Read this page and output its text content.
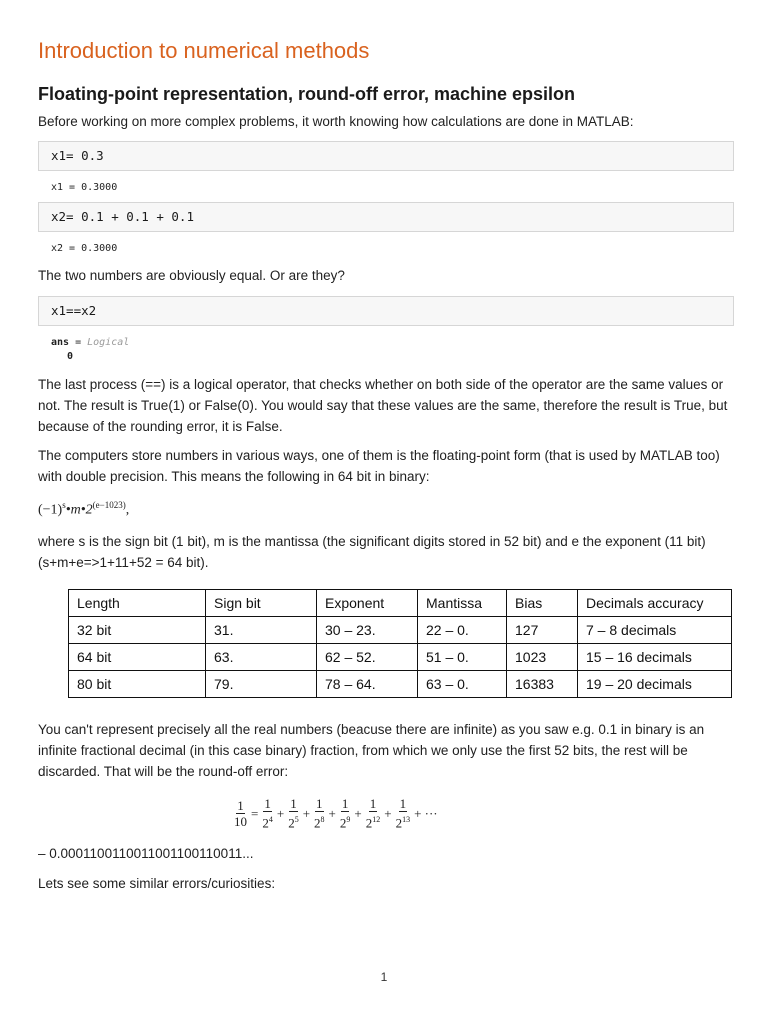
Introduction to numerical methods
Floating-point representation, round-off error, machine epsilon

Before working on more complex problems, it worth knowing how calculations are done in MATLAB:

x1= 0.3
x1 = 0.3000
x2= 0.1 + 0.1 + 0.1
x2 = 0.3000

The two numbers are obviously equal. Or are they?

x1==x2
ans = Logical
0

The last process (==) is a logical operator, that checks whether on both side of the operator are the same values or not. The result is True(1) or False(0). You would say that these values are the same, therefore the result is True, but because of the rounding error, it is False.

The computers store numbers in various ways, one of them is the floating-point form (that is used by MATLAB too) with double precision. This means the following in 64 bit in binary:

$(-1)^s•m•2^{(e-1023)}$,

where s is the sign bit (1 bit), m is the mantissa (the significant digits stored in 52 bit) and e the exponent (11 bit) (s+m+e=>1+11+52 = 64 bit).

Length	Sign bit	Exponent	Mantissa	Bias	Decimals accuracy
32 bit	31.	30 – 23.	22 – 0.	127	7 – 8 decimals
64 bit	63.	62 – 52.	51 – 0.	1023	15 – 16 decimals
80 bit	79.	78 – 64.	63 – 0.	16383	19 – 20 decimals

You can't represent precisely all the real numbers (beacuse there are infinite) as you saw e.g. 0.1 in binary is an infinite fractional decimal (in this case binary) fraction, from which we only use the first 52 bits, the rest will be discarded. That will be the round-off error:

$\frac{1}{10} = \frac{1}{2^4} + \frac{1}{2^5} + \frac{1}{2^8} + \frac{1}{2^9} + \frac{1}{2^{12}} + \frac{1}{2^{13}}$ + ···

– 0.0001100110011001100110011...

Lets see some similar errors/curiosities:

1
